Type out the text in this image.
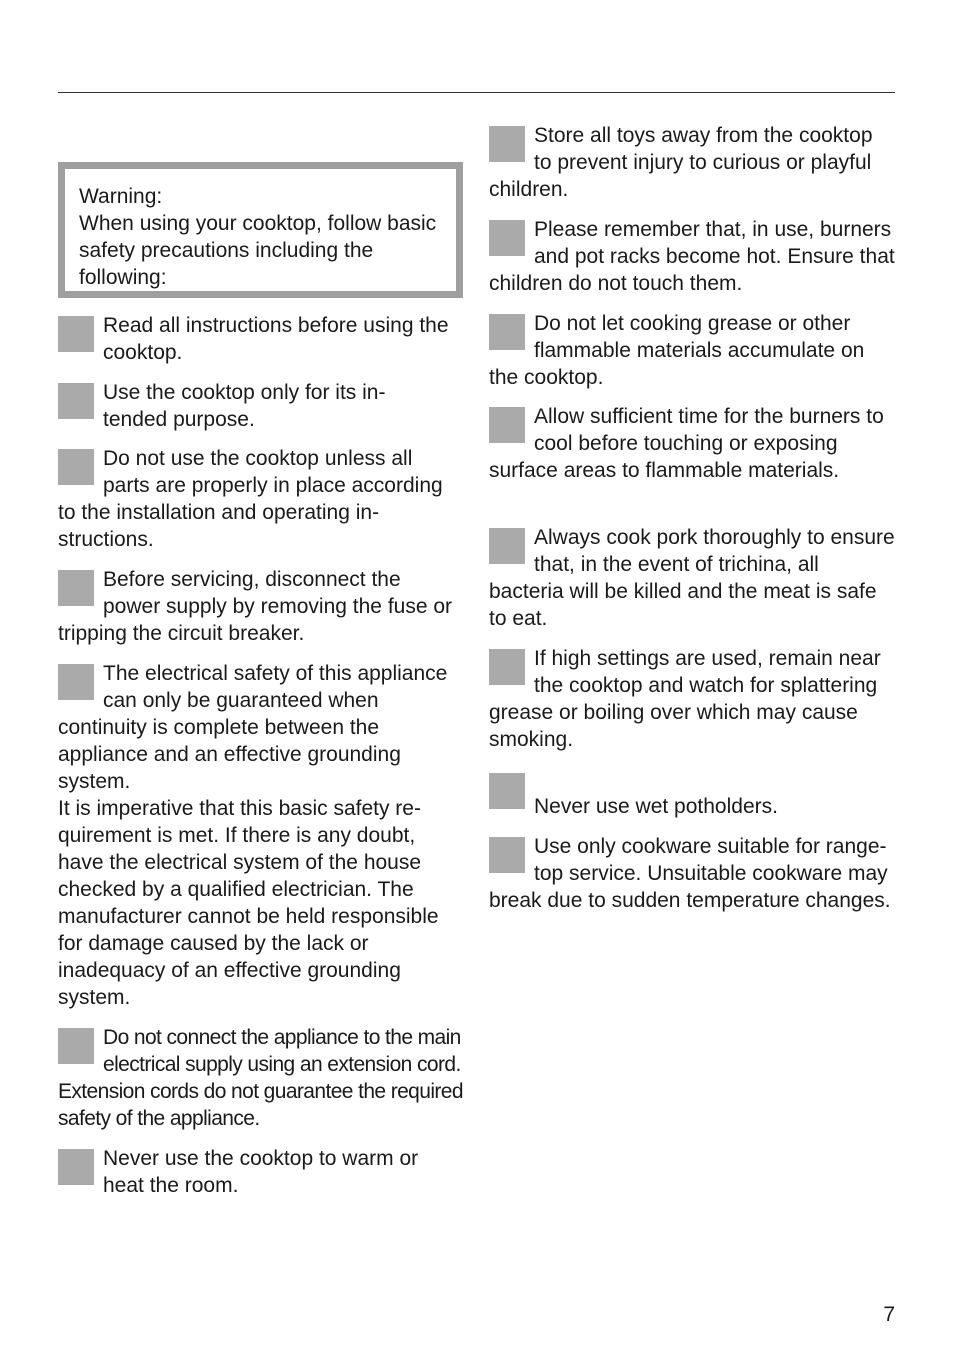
Warning:
When using your cooktop, follow basic safety precautions including the following:

Read all instructions before using the cooktop.

Use the cooktop only for its intended purpose.

Do not use the cooktop unless all parts are properly in place according to the installation and operating instructions.

Before servicing, disconnect the power supply by removing the fuse or tripping the circuit breaker.

The electrical safety of this appliance can only be guaranteed when continuity is complete between the appliance and an effective grounding system.

It is imperative that this basic safety requirement is met. If there is any doubt, have the electrical system of the house checked by a qualified electrician. The manufacturer cannot be held responsible for damage caused by the lack or inadequacy of an effective grounding system.

Do not connect the appliance to the main electrical supply using an extension cord. Extension cords do not guarantee the required safety of the appliance.

Never use the cooktop to warm or heat the room.

Store all toys away from the cooktop to prevent injury to curious or playful children.

Please remember that, in use, burners and pot racks become hot. Ensure that children do not touch them.

Do not let cooking grease or other flammable materials accumulate on the cooktop.

Allow sufficient time for the burners to cool before touching or exposing surface areas to flammable materials.

Always cook pork thoroughly to ensure that, in the event of trichina, all bacteria will be killed and the meat is safe to eat.

If high settings are used, remain near the cooktop and watch for splattering grease or boiling over which may cause smoking.

Never use wet potholders.

Use only cookware suitable for range-top service. Unsuitable cookware may break due to sudden temperature changes.

7
